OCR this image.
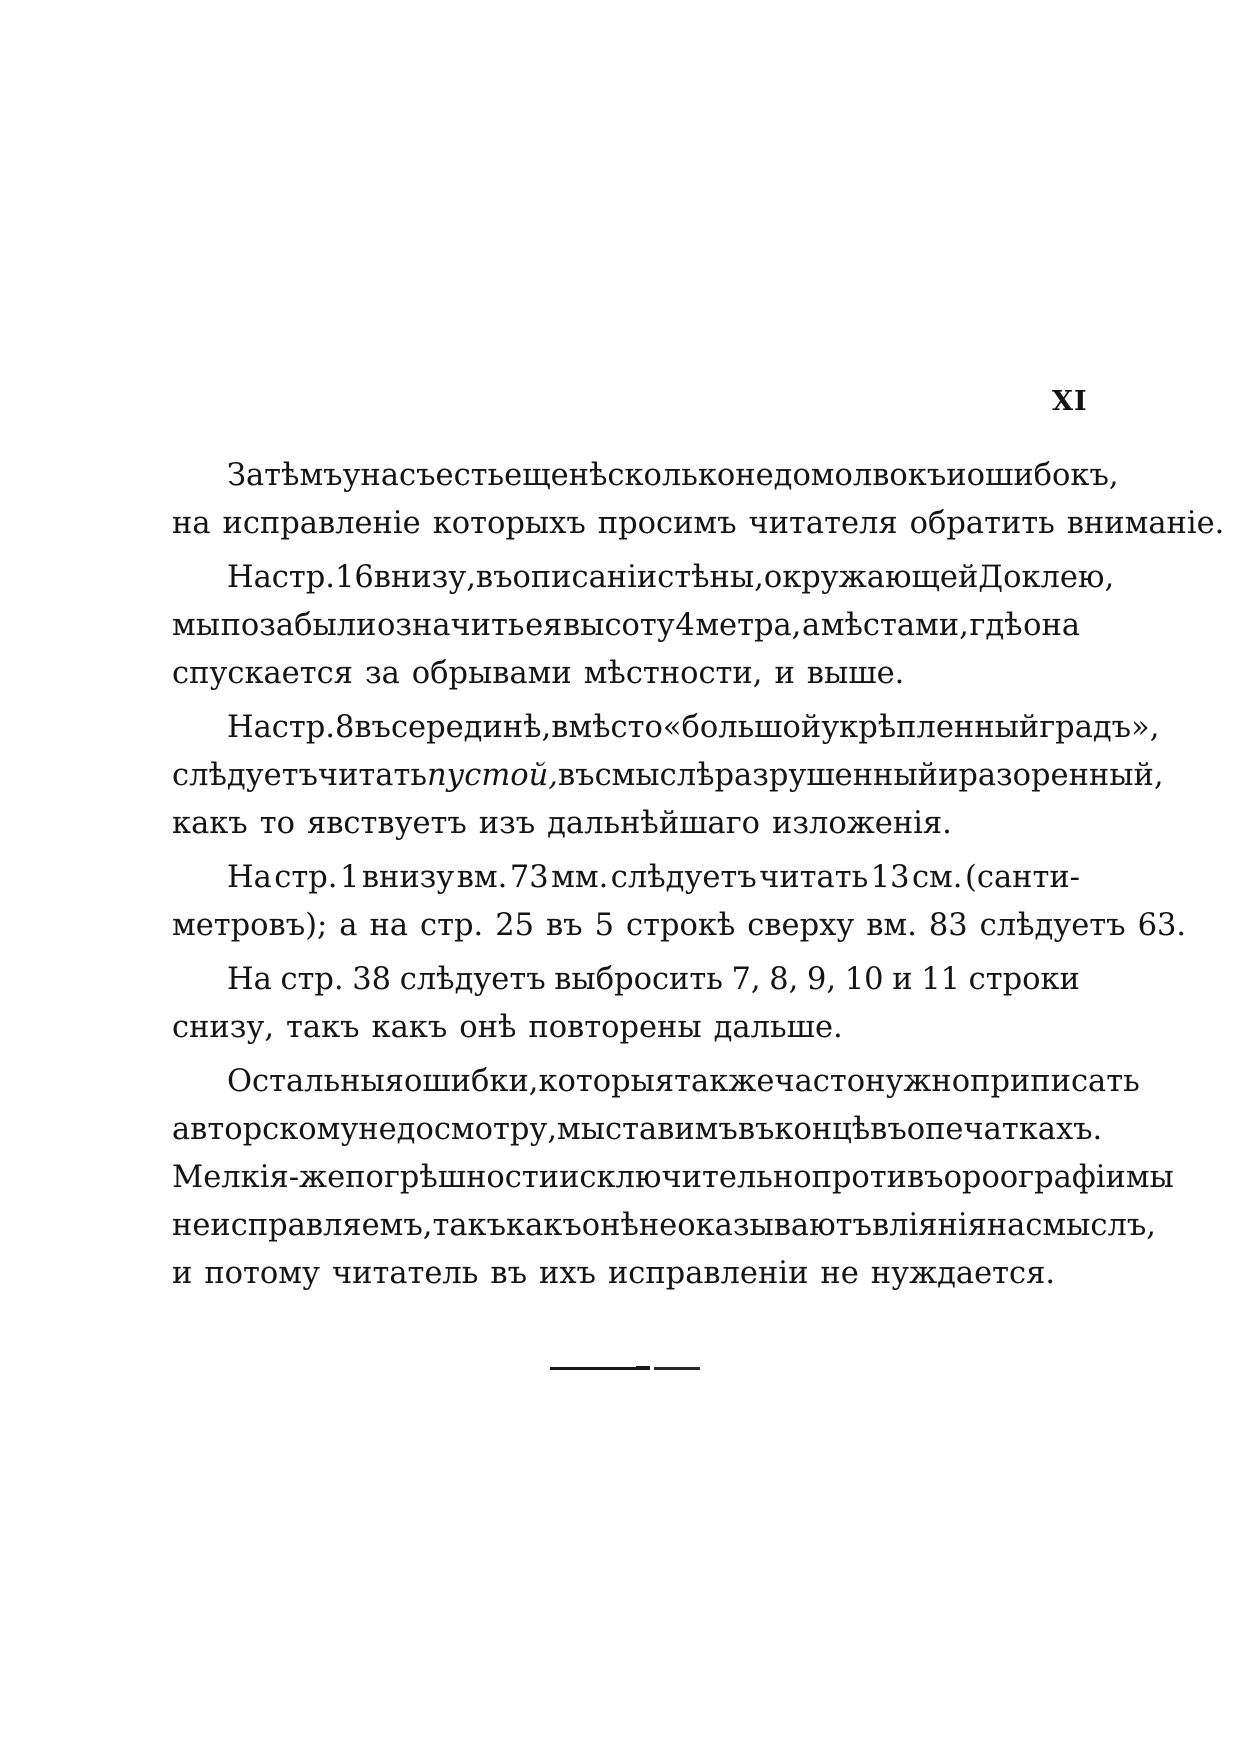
XI
Затѣмъ у насъ есть еще нѣсколько недомолвокъ и ошибокъ,
на исправленіе которыхъ просимъ читателя обратить вниманіе.
На стр. 16 внизу, въ описаніи стѣны, окружающей Доклею,
мы позабыли означить ея высоту 4 метра, а мѣстами, гдѣ она
спускается за обрывами мѣстности, и выше.
На стр. 8 въ серединѣ, вмѣсто «большой укрѣпленный градъ»,
слѣдуетъ читать пустой, въ смыслѣ разрушенный и разоренный,
какъ то явствуетъ изъ дальнѣйшаго изложенія.
На стр. 1 внизу вм. 73 мм. слѣдуетъ читать 13 см. (санти-
метровъ); а на стр. 25 въ 5 строкѣ сверху вм. 83 слѣдуетъ 63.
На стр. 38 слѣдуетъ выбросить 7, 8, 9, 10 и 11 строки
снизу, такъ какъ онѣ повторены дальше.
Остальныя ошибки, которыя также часто нужно приписать
авторскому недосмотру, мы ставимъ въ концѣ въ опечаткахъ.
Мелкія-же погрѣшности исключительно противъ ороографіи мы
не исправляемъ, такъ какъ онѣ не оказываютъ вліянія на смыслъ,
и потому читатель въ ихъ исправленіи не нуждается.
